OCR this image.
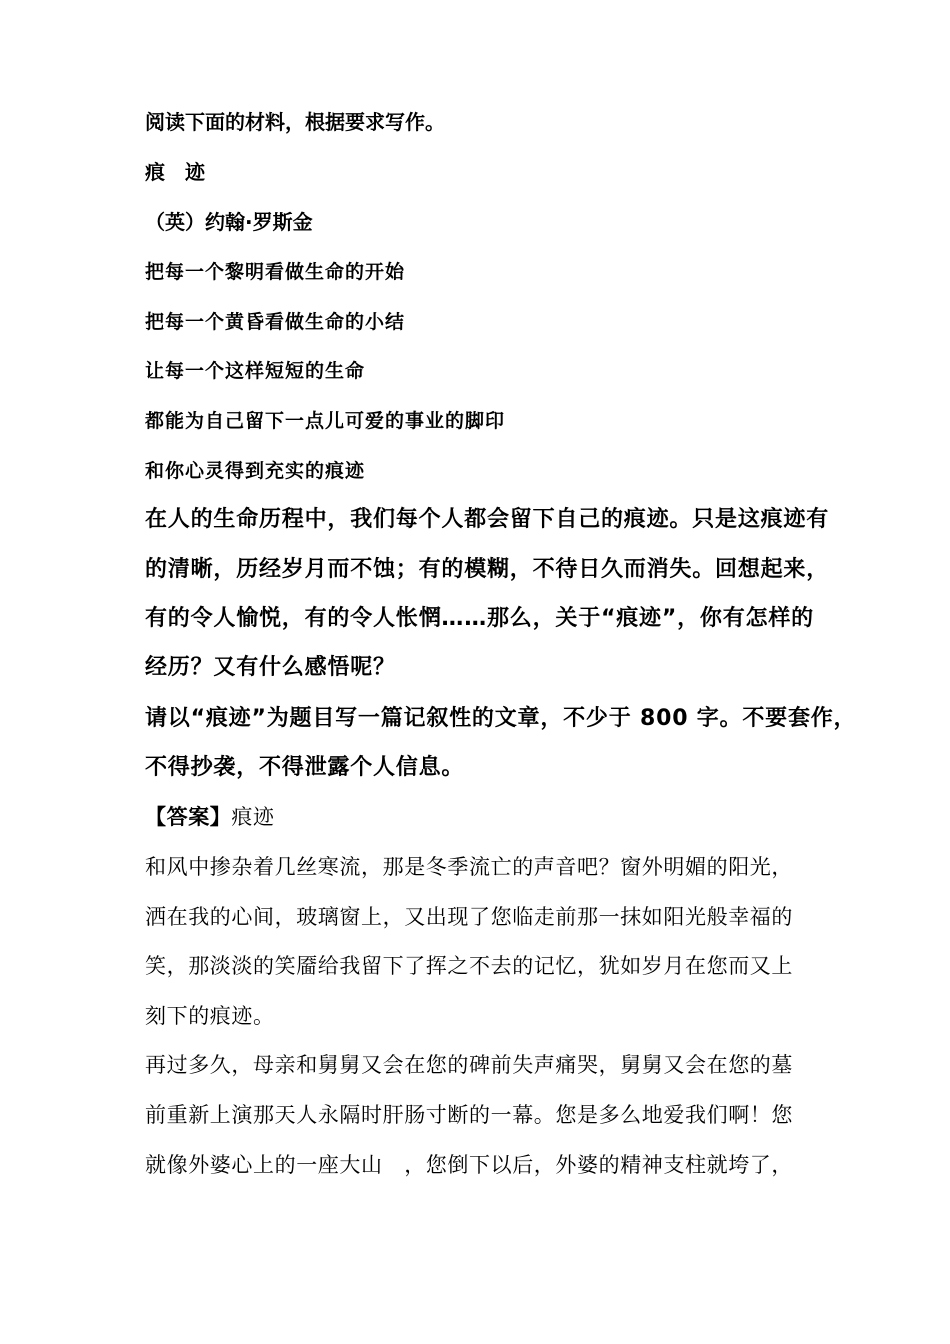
阅读下面的材料，根据要求写作。
痕　迹
（英）约翰·罗斯金
把每一个黎明看做生命的开始
把每一个黄昏看做生命的小结
让每一个这样短短的生命
都能为自己留下一点儿可爱的事业的脚印
和你心灵得到充实的痕迹
在人的生命历程中，我们每个人都会留下自己的痕迹。只是这痕迹有
的清晰，历经岁月而不蚀；有的模糊，不待日久而消失。回想起来，
有的令人愉悦，有的令人怅惘……那么，关于“痕迹”，你有怎样的
经历？又有什么感悟呢？
请以“痕迹”为题目写一篇记叙性的文章，不少于 800 字。不要套作，
不得抄袭，不得泄露个人信息。
【答案】痕迹
和风中掺杂着几丝寒流，那是冬季流亡的声音吧？窗外明媚的阳光，
洒在我的心间，玻璃窗上，又出现了您临走前那一抹如阳光般幸福的
笑，那淡淡的笑靥给我留下了挥之不去的记忆，犹如岁月在您而又上
刻下的痕迹。
再过多久，母亲和舅舅又会在您的碑前失声痛哭，舅舅又会在您的墓
前重新上演那天人永隔时肝肠寸断的一幕。您是多么地爱我们啊！您
就像外婆心上的一座大山　，您倒下以后，外婆的精神支柱就垮了，
